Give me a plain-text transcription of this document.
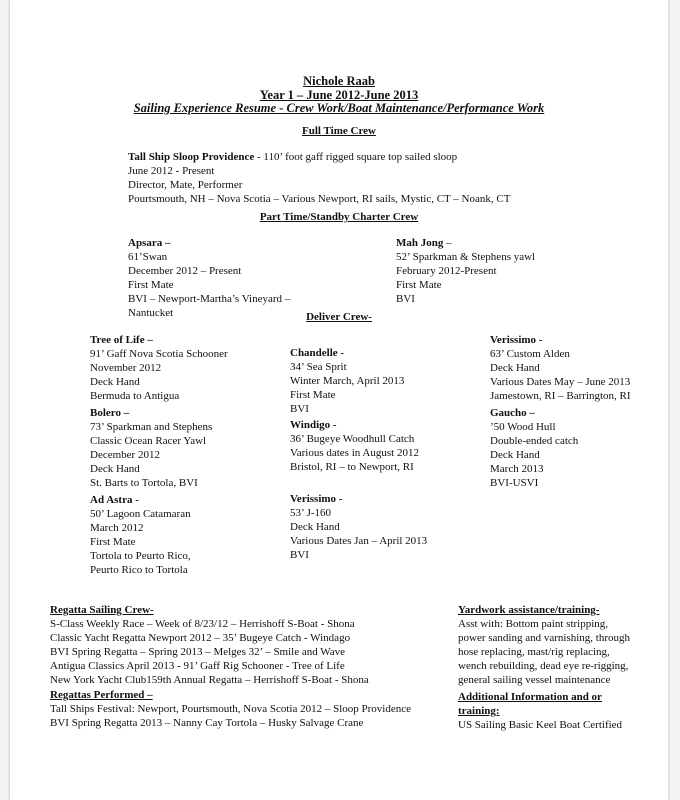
Nichole Raab
Year 1 – June 2012-June 2013
Sailing Experience Resume - Crew Work/Boat Maintenance/Performance Work
Full Time Crew
Tall Ship Sloop Providence - 110’ foot gaff rigged square top sailed sloop
June 2012 - Present
Director, Mate, Performer
Pourtsmouth, NH – Nova Scotia – Various Newport, RI sails, Mystic, CT – Noank, CT
Part Time/Standby Charter Crew
Apsara –
61’Swan
December 2012 – Present
First Mate
BVI – Newport-Martha’s Vineyard –
Nantucket
Mah Jong –
52’ Sparkman & Stephens yawl
February 2012-Present
First Mate
BVI
Deliver Crew-
Tree of Life –
91’ Gaff Nova Scotia Schooner
November 2012
Deck Hand
Bermuda to Antigua
Bolero –
73’ Sparkman and Stephens
Classic Ocean Racer Yawl
December 2012
Deck Hand
St. Barts to Tortola, BVI
Ad Astra -
50’ Lagoon Catamaran
March 2012
First Mate
Tortola to Peurto Rico,
Peurto Rico to Tortola
Chandelle -
34’ Sea Sprit
Winter March, April 2013
First Mate
BVI
Windigo -
36’ Bugeye Woodhull Catch
Various dates in August 2012
Bristol, RI – to Newport, RI
Verissimo -
53’ J-160
Deck Hand
Various Dates Jan – April 2013
BVI
Verissimo -
63’ Custom Alden
Deck Hand
Various Dates May – June 2013
Jamestown, RI – Barrington, RI
Gaucho –
’50 Wood Hull
Double-ended catch
Deck Hand
March 2013
BVI-USVI
Regatta Sailing Crew-
S-Class Weekly Race – Week of 8/23/12 – Herrishoff S-Boat - Shona
Classic Yacht Regatta Newport 2012 – 35’ Bugeye Catch - Windago
BVI Spring Regatta – Spring 2013 – Melges 32’ – Smile and Wave
Antigua Classics April 2013 - 91’ Gaff Rig Schooner - Tree of Life
New York Yacht Club159th Annual Regatta – Herrishoff S-Boat - Shona
Regattas Performed –
Tall Ships Festival: Newport, Pourtsmouth, Nova Scotia 2012 – Sloop Providence
BVI Spring Regatta 2013 – Nanny Cay Tortola – Husky Salvage Crane
Yardwork assistance/training-
Asst with: Bottom paint stripping,
power sanding and varnishing, through
hose replacing, mast/rig replacing,
wench rebuilding, dead eye re-rigging,
general sailing vessel maintenance
Additional Information and or
training:
US Sailing Basic Keel Boat Certified
